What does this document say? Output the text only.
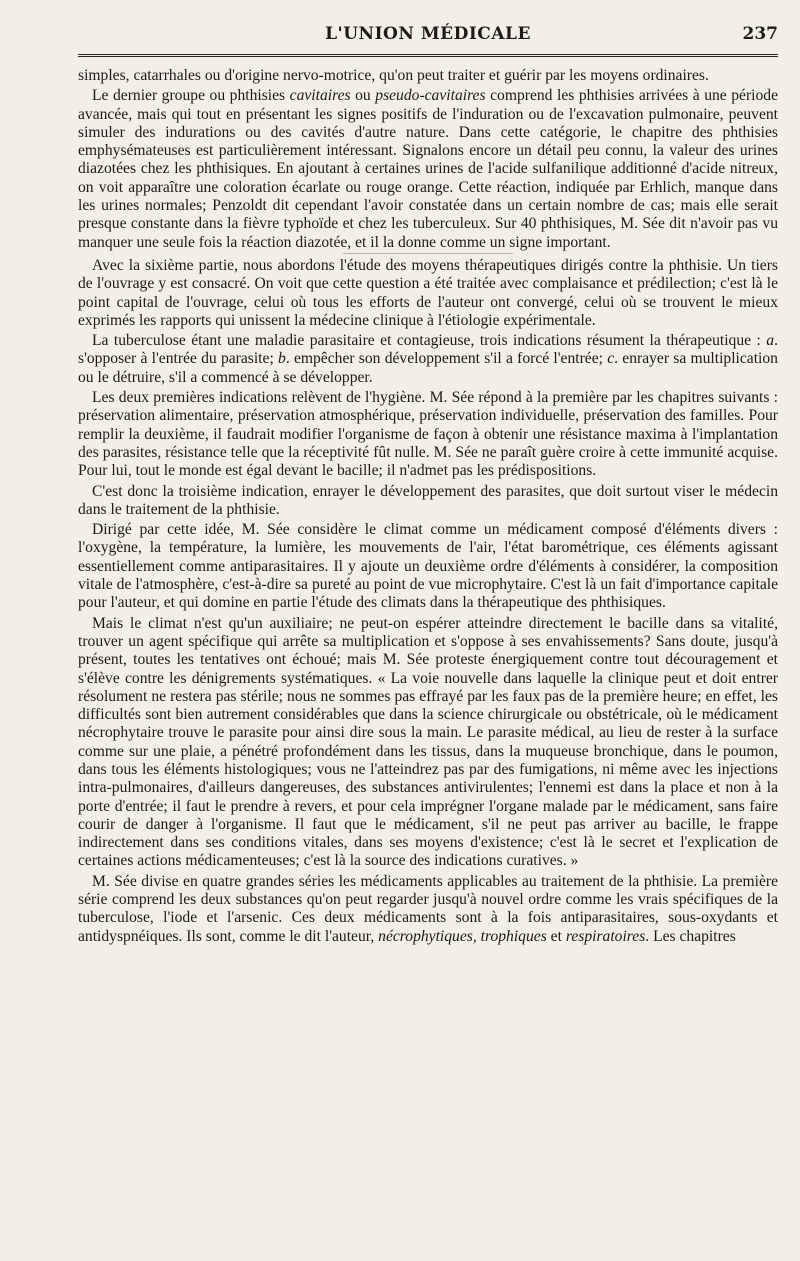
L'UNION MÉDICALE	237

simples, catarrhales ou d'origine nervo-motrice, qu'on peut traiter et guérir par les moyens ordinaires.

Le dernier groupe ou phthisies cavitaires ou pseudo-cavitaires comprend les phthisies arrivées à une période avancée, mais qui tout en présentant les signes positifs de l'induration ou de l'excavation pulmonaire, peuvent simuler des indurations ou des cavités d'autre nature. Dans cette catégorie, le chapitre des phthisies emphysémateuses est particulièrement intéressant. Signalons encore un détail peu connu, la valeur des urines diazotées chez les phthisiques. En ajoutant à certaines urines de l'acide sulfanilique additionné d'acide nitreux, on voit apparaître une coloration écarlate ou rouge orange. Cette réaction, indiquée par Erhlich, manque dans les urines normales; Penzoldt dit cependant l'avoir constatée dans un certain nombre de cas; mais elle serait presque constante dans la fièvre typhoïde et chez les tuberculeux. Sur 40 phthisiques, M. Sée dit n'avoir pas vu manquer une seule fois la réaction diazotée, et il la donne comme un signe important.

Avec la sixième partie, nous abordons l'étude des moyens thérapeutiques dirigés contre la phthisie. Un tiers de l'ouvrage y est consacré. On voit que cette question a été traitée avec complaisance et prédilection; c'est là le point capital de l'ouvrage, celui où tous les efforts de l'auteur ont convergé, celui où se trouvent le mieux exprimés les rapports qui unissent la médecine clinique à l'étiologie expérimentale.

La tuberculose étant une maladie parasitaire et contagieuse, trois indications résument la thérapeutique : a. s'opposer à l'entrée du parasite; b. empêcher son développement s'il a forcé l'entrée; c. enrayer sa multiplication ou le détruire, s'il a commencé à se développer.

Les deux premières indications relèvent de l'hygiène. M. Sée répond à la première par les chapitres suivants : préservation alimentaire, préservation atmosphérique, préservation individuelle, préservation des familles. Pour remplir la deuxième, il faudrait modifier l'organisme de façon à obtenir une résistance maxima à l'implantation des parasites, résistance telle que la réceptivité fût nulle. M. Sée ne paraît guère croire à cette immunité acquise. Pour lui, tout le monde est égal devant le bacille; il n'admet pas les prédispositions.

C'est donc la troisième indication, enrayer le développement des parasites, que doit surtout viser le médecin dans le traitement de la phthisie.

Dirigé par cette idée, M. Sée considère le climat comme un médicament composé d'éléments divers : l'oxygène, la température, la lumière, les mouvements de l'air, l'état barométrique, ces éléments agissant essentiellement comme antiparasitaires. Il y ajoute un deuxième ordre d'éléments à considérer, la composition vitale de l'atmosphère, c'est-à-dire sa pureté au point de vue microphytaire. C'est là un fait d'importance capitale pour l'auteur, et qui domine en partie l'étude des climats dans la thérapeutique des phthisiques.

Mais le climat n'est qu'un auxiliaire; ne peut-on espérer atteindre directement le bacille dans sa vitalité, trouver un agent spécifique qui arrête sa multiplication et s'oppose à ses envahissements? Sans doute, jusqu'à présent, toutes les tentatives ont échoué; mais M. Sée proteste énergiquement contre tout découragement et s'élève contre les dénigrements systématiques. « La voie nouvelle dans laquelle la clinique peut et doit entrer résolument ne restera pas stérile; nous ne sommes pas effrayé par les faux pas de la première heure; en effet, les difficultés sont bien autrement considérables que dans la science chirurgicale ou obstétricale, où le médicament nécrophytaire trouve le parasite pour ainsi dire sous la main. Le parasite médical, au lieu de rester à la surface comme sur une plaie, a pénétré profondément dans les tissus, dans la muqueuse bronchique, dans le poumon, dans tous les éléments histologiques; vous ne l'atteindrez pas par des fumigations, ni même avec les injections intra-pulmonaires, d'ailleurs dangereuses, des substances antivirulentes; l'ennemi est dans la place et non à la porte d'entrée; il faut le prendre à revers, et pour cela imprégner l'organe malade par le médicament, sans faire courir de danger à l'organisme. Il faut que le médicament, s'il ne peut pas arriver au bacille, le frappe indirectement dans ses conditions vitales, dans ses moyens d'existence; c'est là le secret et l'explication de certaines actions médicamenteuses; c'est là la source des indications curatives. »

M. Sée divise en quatre grandes séries les médicaments applicables au traitement de la phthisie. La première série comprend les deux substances qu'on peut regarder jusqu'à nouvel ordre comme les vrais spécifiques de la tuberculose, l'iode et l'arsenic. Ces deux médicaments sont à la fois antiparasitaires, sous-oxydants et antidyspnéiques. Ils sont, comme le dit l'auteur, nécrophytiques, trophiques et respiratoires. Les chapitres
